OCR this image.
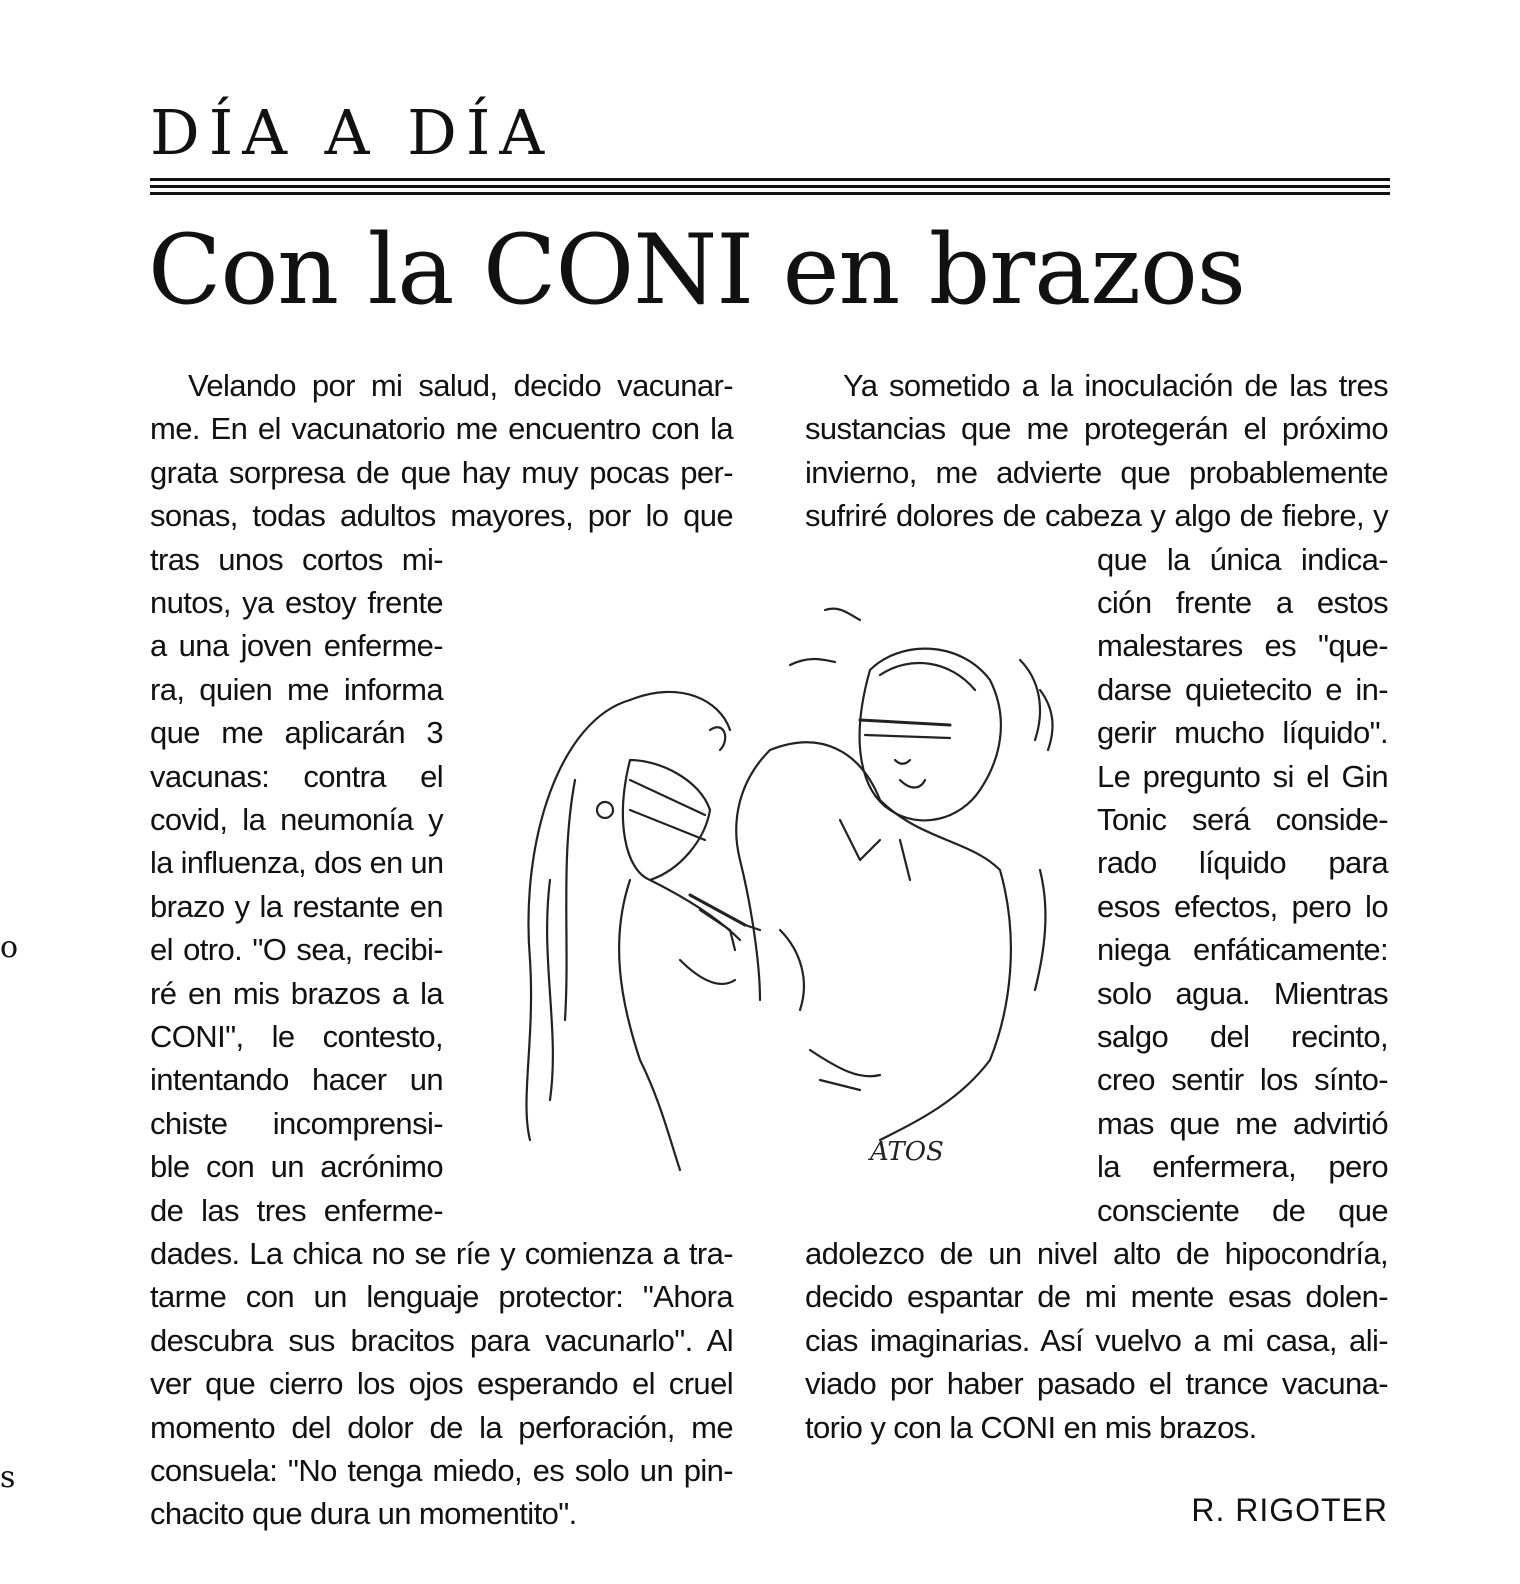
DÍA A DÍA
Con la CONI en brazos
Velando por mi salud, decido vacunar-
me. En el vacunatorio me encuentro con la
grata sorpresa de que hay muy pocas per-
sonas, todas adultos mayores, por lo que
tras unos cortos mi-
nutos, ya estoy frente
a una joven enferme-
ra, quien me informa
que me aplicarán 3
vacunas: contra el
covid, la neumonía y
la influenza, dos en un
brazo y la restante en
el otro. "O sea, recibi-
ré en mis brazos a la
CONI", le contesto,
intentando hacer un
chiste incomprensi-
ble con un acrónimo
de las tres enferme-
dades. La chica no se ríe y comienza a tra-
tarme con un lenguaje protector: "Ahora
descubra sus bracitos para vacunarlo". Al
ver que cierro los ojos esperando el cruel
momento del dolor de la perforación, me
consuela: "No tenga miedo, es solo un pin-
chacito que dura un momentito".
Ya sometido a la inoculación de las tres
sustancias que me protegerán el próximo
invierno, me advierte que probablemente
sufriré dolores de cabeza y algo de fiebre, y
que la única indica-
ción frente a estos
malestares es "que-
darse quietecito e in-
gerir mucho líquido".
Le pregunto si el Gin
Tonic será conside-
rado líquido para
esos efectos, pero lo
niega enfáticamente:
solo agua. Mientras
salgo del recinto,
creo sentir los sínto-
mas que me advirtió
la enfermera, pero
consciente de que
adolezco de un nivel alto de hipocondría,
decido espantar de mi mente esas dolen-
cias imaginarias. Así vuelvo a mi casa, ali-
viado por haber pasado el trance vacuna-
torio y con la CONI en mis brazos.
ATOS
R. RIGOTER
o
s
